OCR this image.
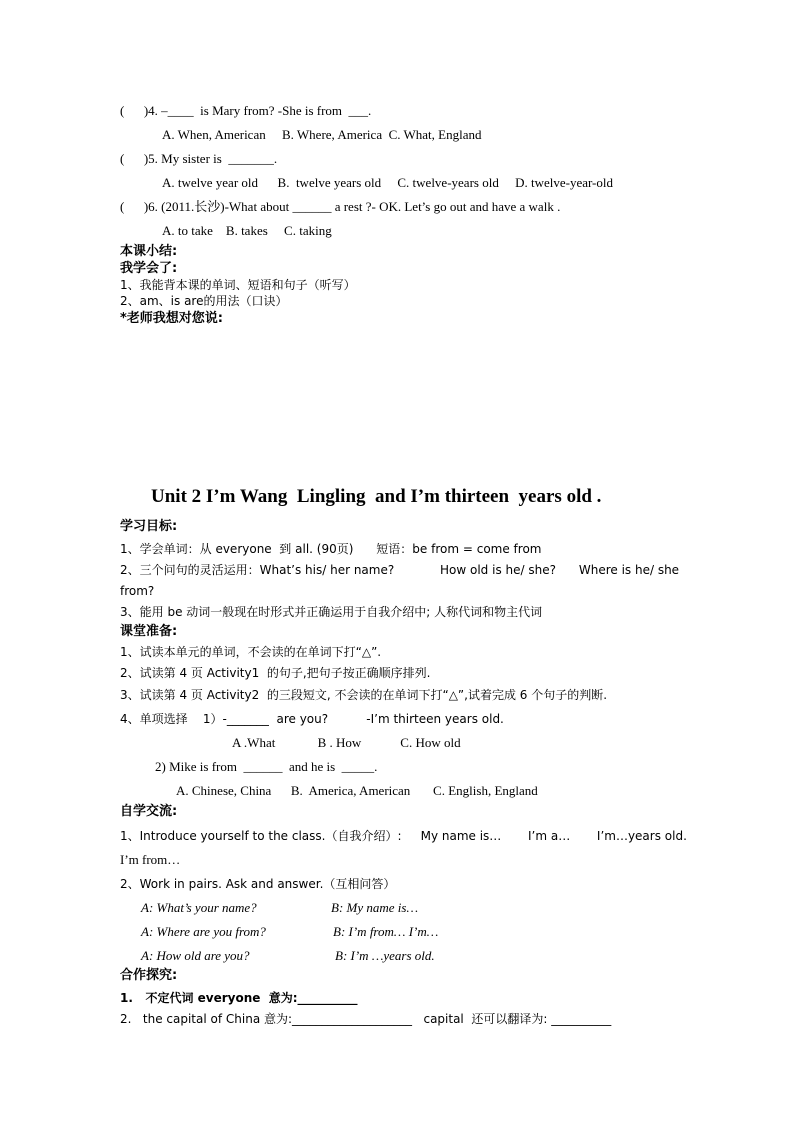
(      )4. –____  is Mary from? -She is from  ___.
A. When, American     B. Where, America  C. What, England
(      )5. My sister is  _______.
A. twelve year old      B.  twelve years old     C. twelve-years old     D. twelve-year-old
(      )6. (2011.长沙)-What about ______ a rest ?- OK. Let’s go out and have a walk .
A. to take    B. takes     C. taking
本课小结:
我学会了:
1、我能背本课的单词、短语和句子（听写）
2、am、is are的用法（口诀）
*老师我想对您说:
Unit 2 I’m Wang  Lingling  and I’m thirteen  years old .
学习目标:
1、学会单词：从 everyone  到 all. (90页)      短语：be from = come from
2、三个问句的灵活运用：What’s his/ her name?            How old is he/ she?      Where is he/ she
from?
3、能用 be 动词一般现在时形式并正确运用于自我介绍中; 人称代词和物主代词
课堂准备:
1、试读本单元的单词，不会读的在单词下打“△”.
2、试读第 4 页 Activity1  的句子,把句子按正确顺序排列.
3、试读第 4 页 Activity2  的三段短文, 不会读的在单词下打“△”,试着完成 6 个句子的判断.
4、单项选择    1）-_______  are you?          -I’m thirteen years old.
A .What             B . How            C. How old
2) Mike is from  ______  and he is  _____.
A. Chinese, China      B.  America, American       C. English, England
自学交流:
1、Introduce yourself to the class.（自我介绍）:     My name is…       I’m a…       I’m…years old.
I’m from…
2、Work in pairs. Ask and answer.（互相问答）
A: What’s your name?	B: My name is…
A: Where are you from?	B: I’m from… I’m…
A: How old are you?	B: I’m …years old.
合作探究:
1.   不定代词 everyone  意为:__________
2.   the capital of China 意为:____________________   capital  还可以翻译为: __________
